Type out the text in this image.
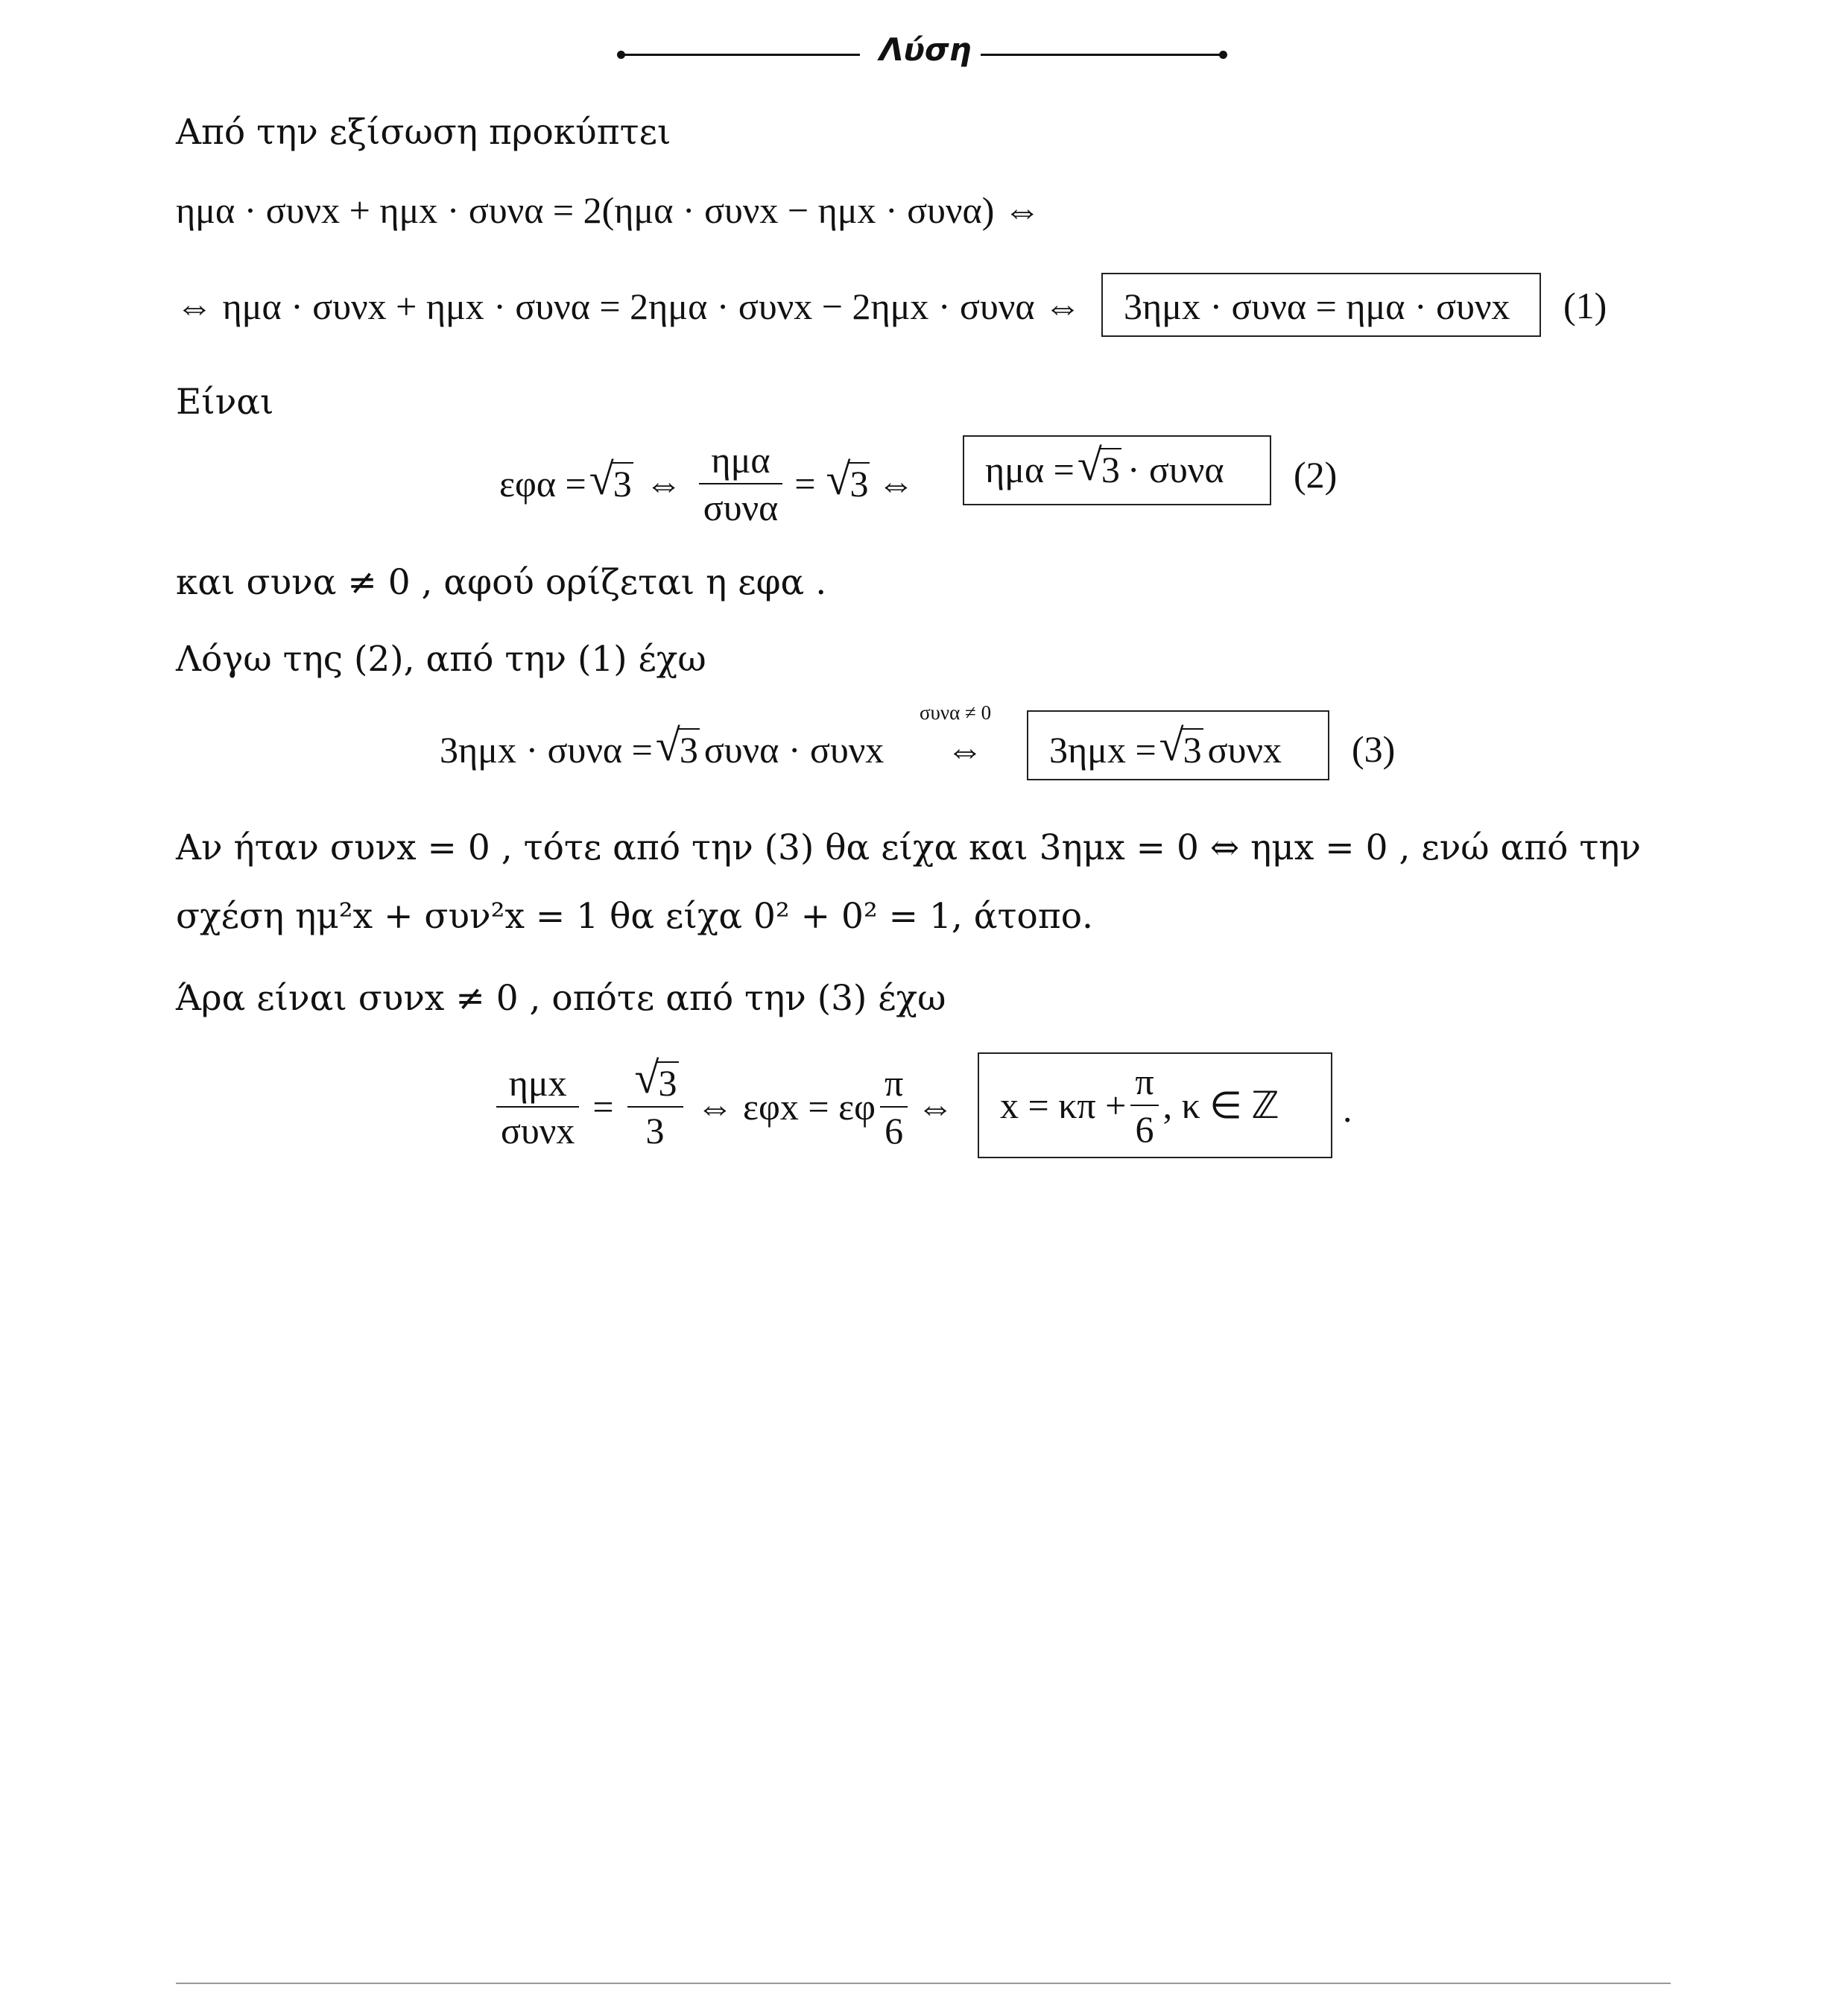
Λύση
Από την εξίσωση προκύπτει
ημα · συνx + ημx · συνα = 2(ημα · συνx − ημx · συνα) ⇔
⇔ ημα · συνx + ημx · συνα = 2ημα · συνx − 2ημx · συνα ⇔ 3ημx · συνα = ημα · συνx (1)
Είναι
εφα = √ 3 ⇔ $\frac{\text{ημα}}{\text{συνα}}$ = √ 3 ⇔ ημα = √ 3 · συνα (2)
και συνα ≠ 0 , αφού ορίζεται η εφα .
Λόγω της (2), από την (1) έχω
3ημx · συνα = √ 3 συνα · συνx
συνα ≠ 0
⇔ 3ημx = √ 3 συνx (3)
Αν ήταν συνx = 0 , τότε από την (3) θα είχα και 3ημx = 0 ⇔ ημx = 0 , ενώ από την
σχέση ημ²x + συν²x = 1 θα είχα 0² + 0² = 1, άτοπο.
Άρα είναι συνx ≠ 0 , οπότε από την (3) έχω
$\frac{\text{ημx}}{\text{συνx}} = \frac{√ 3}{3}$ ⇔ εφx = εφ $\frac{\pi}{6}$ ⇔ $x = \kappa\pi + \frac{\pi}{6}$ , κ ∈ ℤ .
